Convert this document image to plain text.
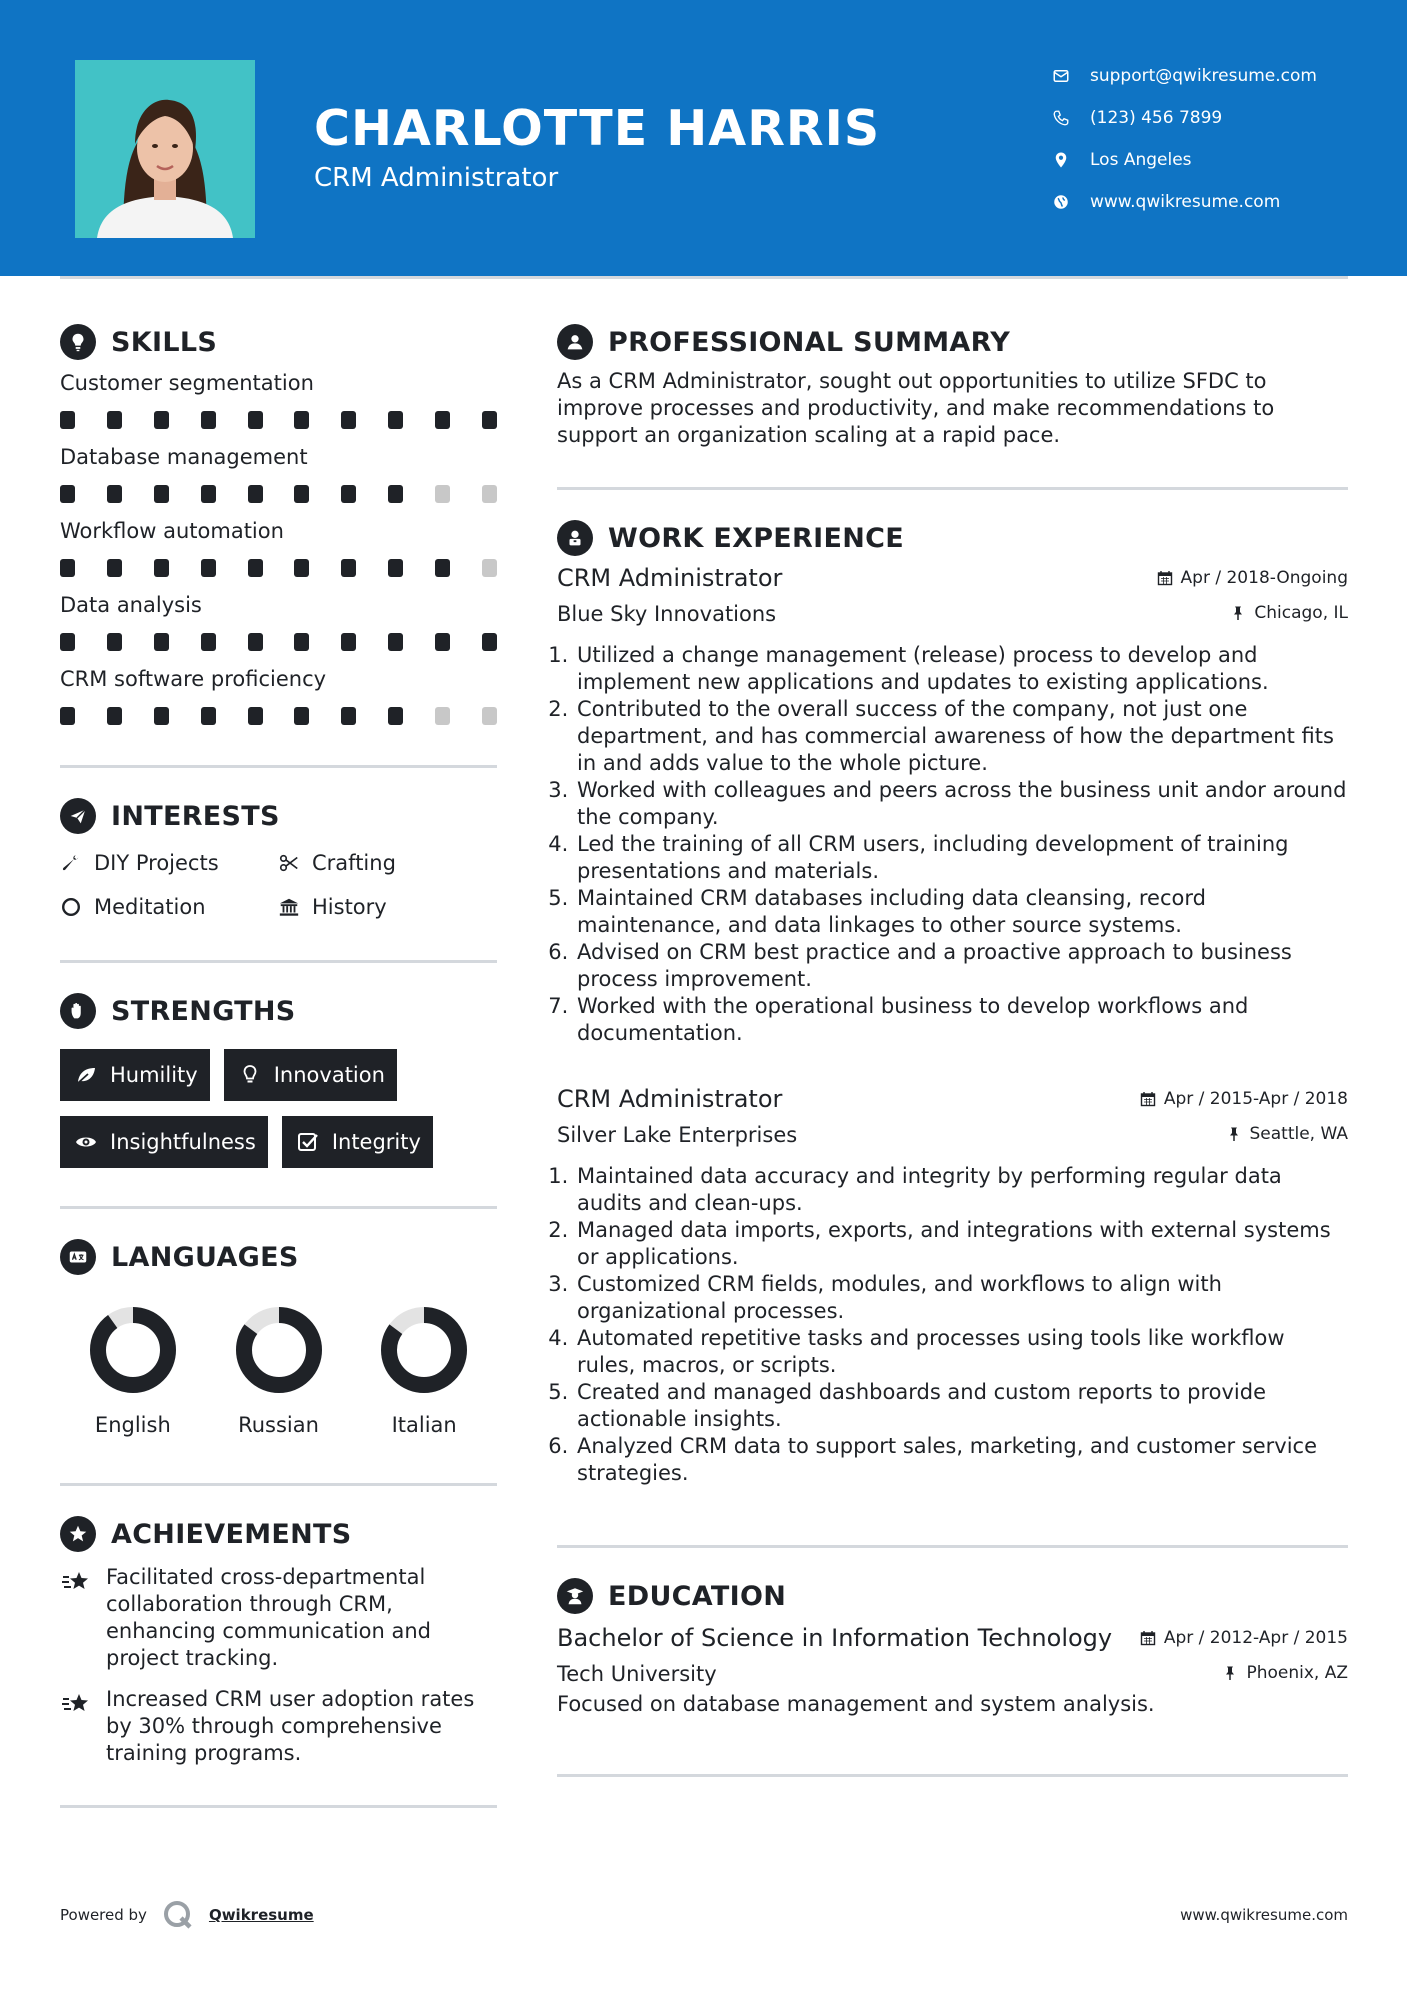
CHARLOTTE HARRIS
CRM Administrator
support@qwikresume.com
(123) 456 7899
Los Angeles
www.qwikresume.com
SKILLS
Customer segmentation
Database management
Workflow automation
Data analysis
CRM software proficiency
INTERESTS
DIY Projects	Crafting
Meditation	History
STRENGTHS
Humility	Innovation
Insightfulness	Integrity
LANGUAGES
English	Russian	Italian
ACHIEVEMENTS
Facilitated cross-departmental collaboration through CRM, enhancing communication and project tracking.
Increased CRM user adoption rates by 30% through comprehensive training programs.
PROFESSIONAL SUMMARY
As a CRM Administrator, sought out opportunities to utilize SFDC to improve processes and productivity, and make recommendations to support an organization scaling at a rapid pace.
WORK EXPERIENCE
CRM Administrator	Apr / 2018-Ongoing
Blue Sky Innovations	Chicago, IL
1. Utilized a change management (release) process to develop and implement new applications and updates to existing applications.
2. Contributed to the overall success of the company, not just one department, and has commercial awareness of how the department fits in and adds value to the whole picture.
3. Worked with colleagues and peers across the business unit andor around the company.
4. Led the training of all CRM users, including development of training presentations and materials.
5. Maintained CRM databases including data cleansing, record maintenance, and data linkages to other source systems.
6. Advised on CRM best practice and a proactive approach to business process improvement.
7. Worked with the operational business to develop workflows and documentation.
CRM Administrator	Apr / 2015-Apr / 2018
Silver Lake Enterprises	Seattle, WA
1. Maintained data accuracy and integrity by performing regular data audits and clean-ups.
2. Managed data imports, exports, and integrations with external systems or applications.
3. Customized CRM fields, modules, and workflows to align with organizational processes.
4. Automated repetitive tasks and processes using tools like workflow rules, macros, or scripts.
5. Created and managed dashboards and custom reports to provide actionable insights.
6. Analyzed CRM data to support sales, marketing, and customer service strategies.
EDUCATION
Bachelor of Science in Information Technology	Apr / 2012-Apr / 2015
Tech University	Phoenix, AZ
Focused on database management and system analysis.
Powered by	Qwikresume	www.qwikresume.com
